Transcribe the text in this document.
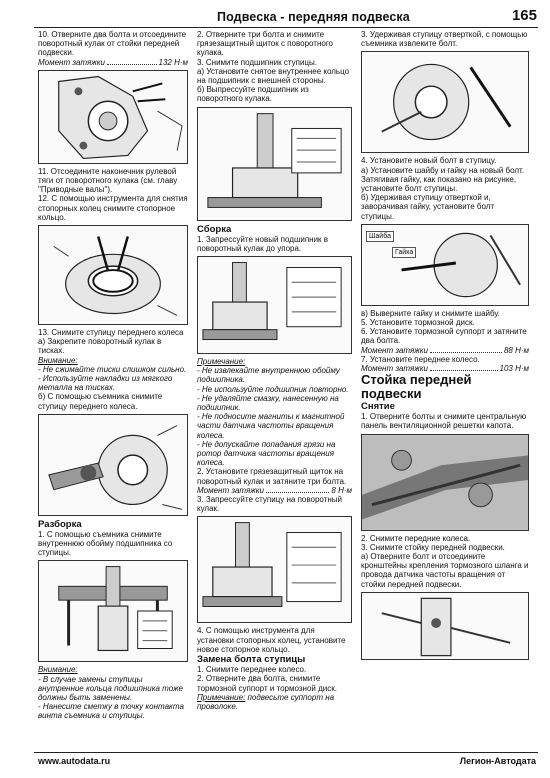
Подвеска - передняя подвеска	165

10. Отверните два болта и отсоедините поворотный кулак от стойки передней подвески.

Момент затяжки	132 Н·м

11. Отсоедините наконечник рулевой тяги от поворотного кулака (см. главу "Приводные валы").

12. С помощью инструмента для снятия стопорных колец снимите стопорное кольцо.

13. Снимите ступицу переднего колеса

а) Закрепите поворотный кулак в тисках.

Внимание:

- Не сжимайте тиски слишком сильно.

- Используйте накладки из мягкого металла на тисках.

б) С помощью съемника снимите ступицу переднего колеса.

Разборка

1. С помощью съемника снимите внутреннюю обойму подшипника со ступицы.

Внимание:

- В случае замены ступицы внутренние кольца подшипника тоже должны быть заменены.

- Нанесите сметку в точку контакта винта съемника и ступицы.

2. Отверните три болта и снимите грязезащитный щиток с поворотного кулака.

3. Снимите подшипник ступицы.

а) Установите снятое внутреннее кольцо на подшипник с внешней стороны.

б) Выпрессуйте подшипник из поворотного кулака.

Сборка

1. Запрессуйте новый подшипник в поворотный кулак до упора.

Примечание:

- Не извлекайте внутреннюю обойму подшипника.

- Не используйте подшипник повторно.

- Не удаляйте смазку, нанесенную на подшипник.

- Не подносите магниты к магнитной части датчика частоты вращения колеса.

- Не допускайте попадания грязи на ротор датчика частоты вращения колеса.

2. Установите грязезащитный щиток на поворотный кулак и затяните три болта.

Момент затяжки	8 Н·м

3. Запрессуйте ступицу на поворотный кулак.

4. С помощью инструмента для установки стопорных колец, установите новое стопорное кольцо.

Замена болта ступицы

1. Снимите переднее колесо.

2. Отверните два болта, снимите тормозной суппорт и тормозной диск.

Примечание: подвесьте суппорт на проволоке.

3. Удерживая ступицу отверткой, с помощью съемника извлеките болт.

4. Установите новый болт в ступицу.

а) Установите шайбу и гайку на новый болт. Затягивая гайку, как показано на рисунке, установите болт ступицы.

б) Удерживая ступицу отверткой и, заворачивая гайку, установите болт ступицы.

Шайба
Гайка

в) Выверните гайку и снимите шайбу.

5. Установите тормозной диск.

6. Установите тормозной суппорт и затяните два болта.

Момент затяжки	88 Н·м

7. Установите переднее колесо.

Момент затяжки	103 Н·м

Стойка передней подвески

Снятие

1. Отверните болты и снимите центральную панель вентиляционной решетки капота.

2. Снимите передние колеса.

3. Снимите стойку передней подвески.

а) Отверните болт и отсоедините кронштейны крепления тормозного шланга и провода датчика частоты вращения от стойки передней подвески.

www.autodata.ru	Легион-Автодата
